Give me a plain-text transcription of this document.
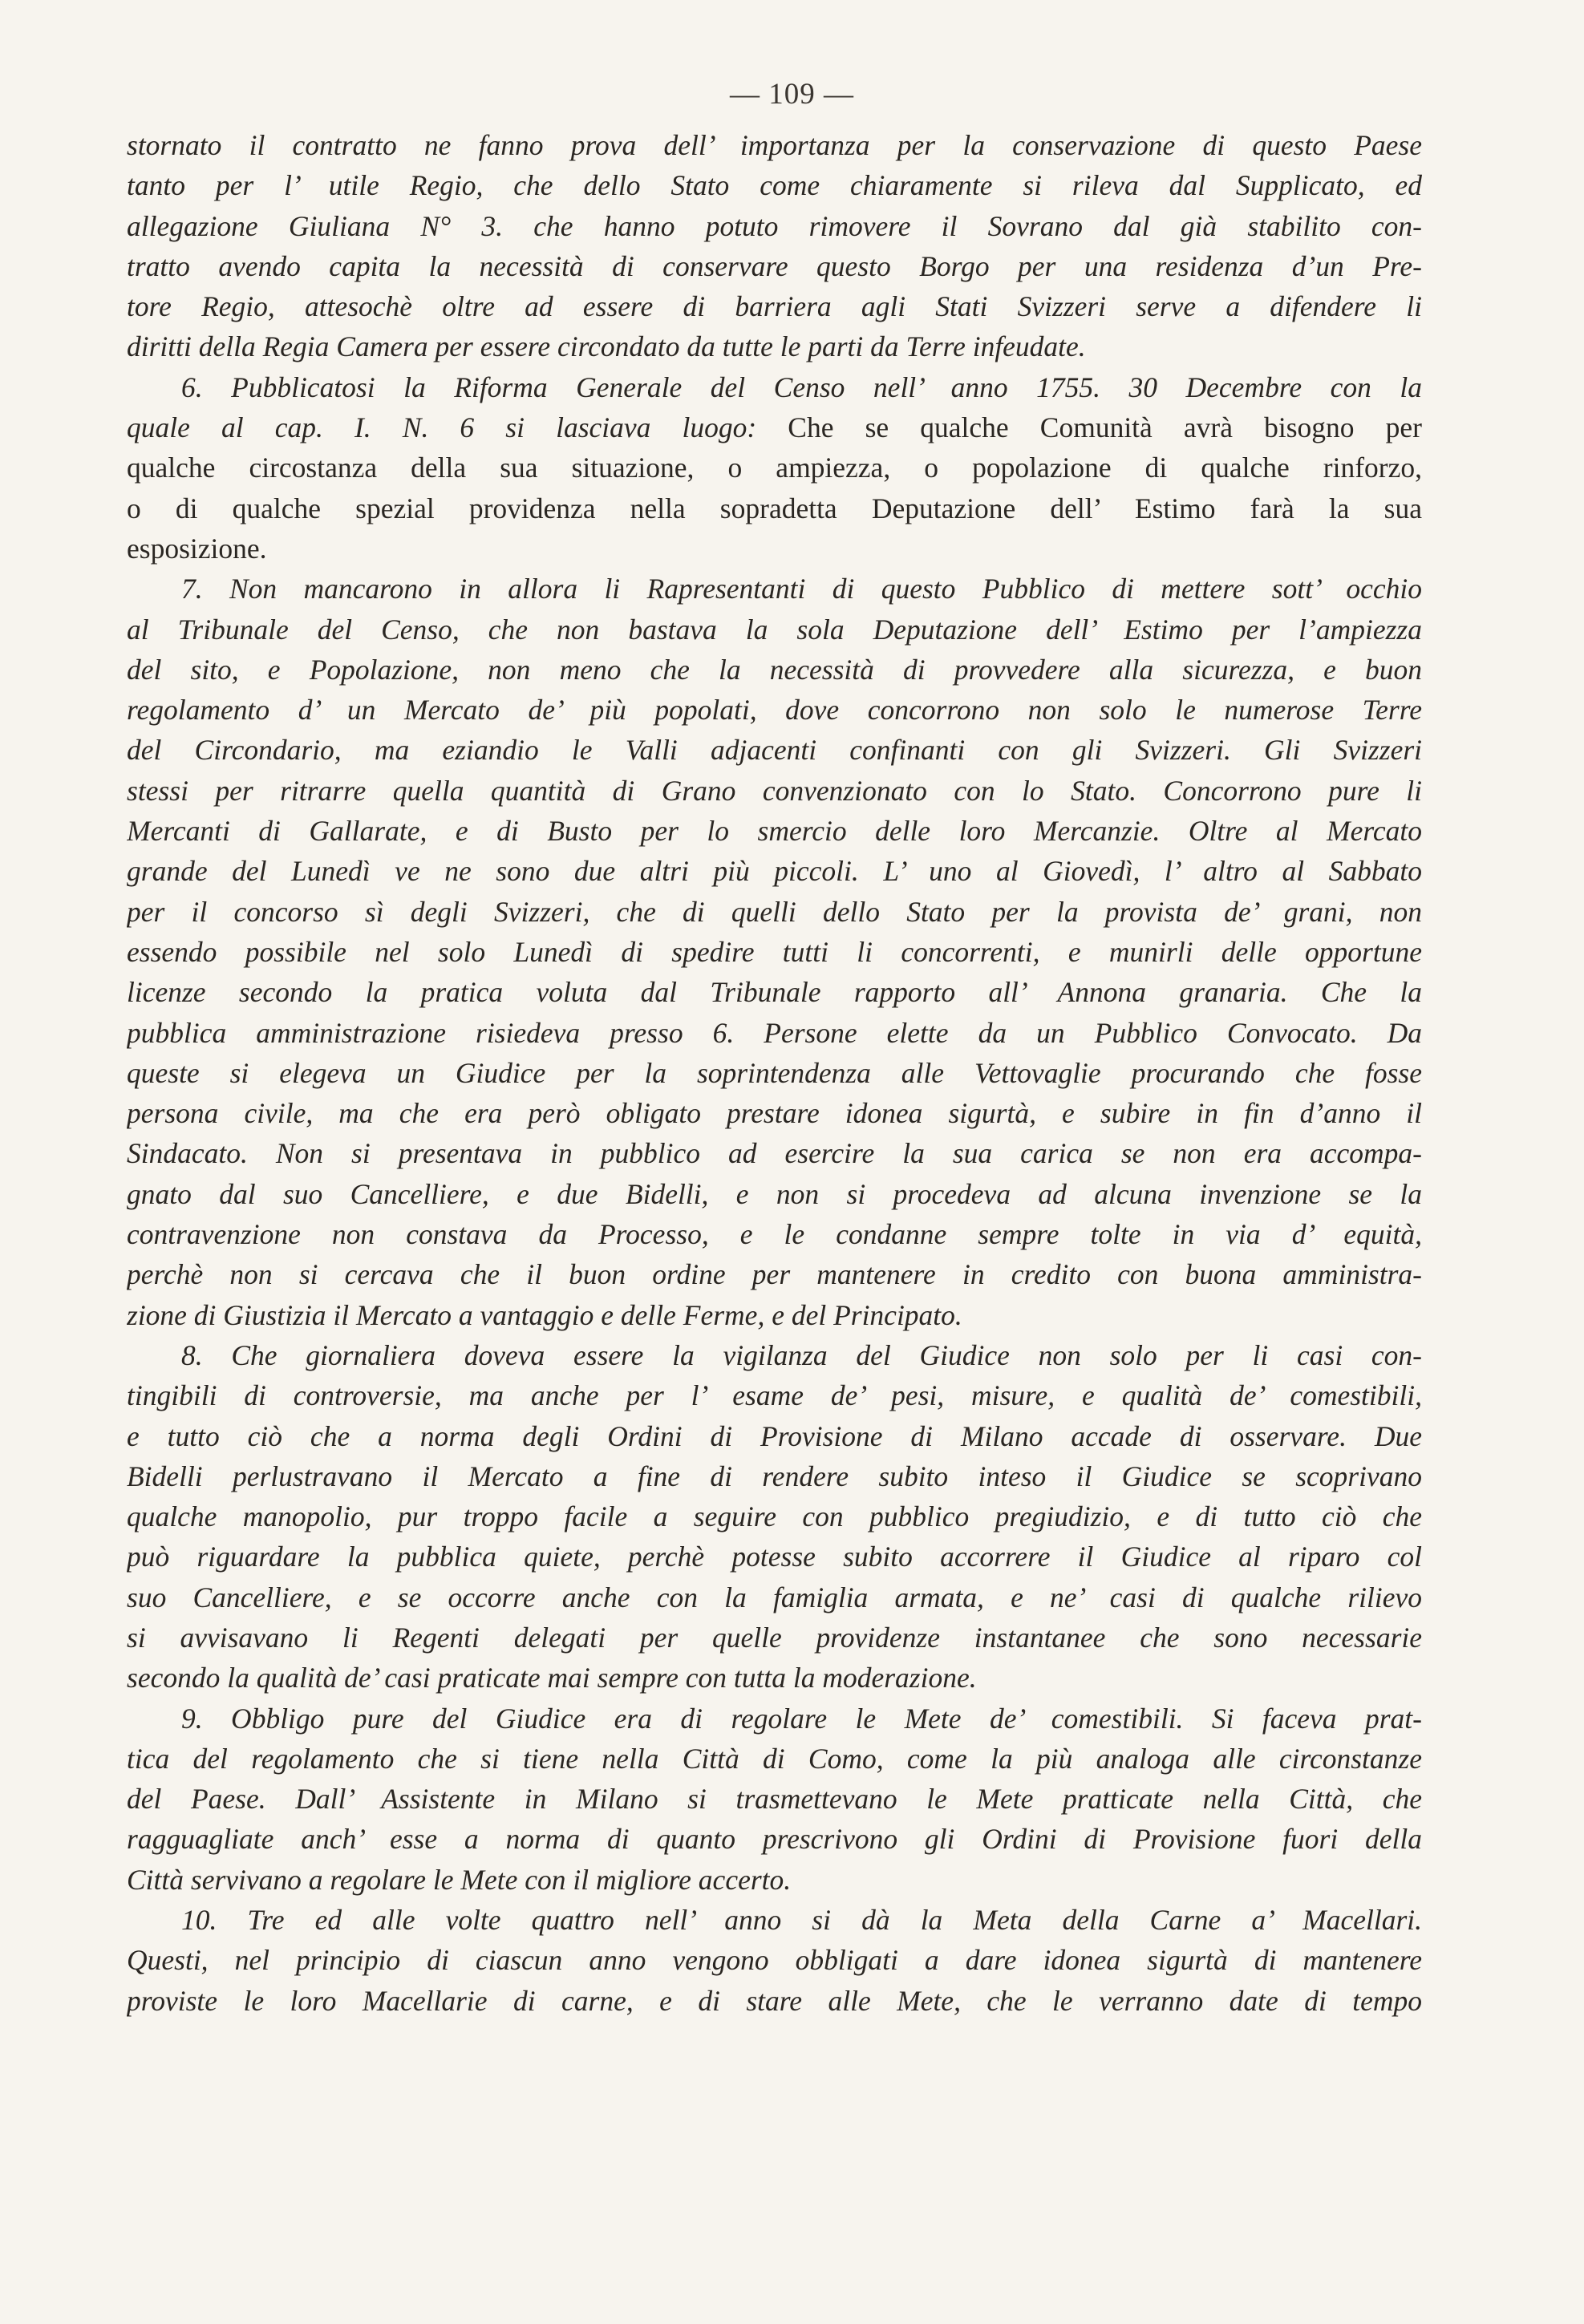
— 109 —
stornato il contratto ne fanno prova dell’ importanza per la conservazione di questo Paese
tanto per l’ utile Regio, che dello Stato come chiaramente si rileva dal Supplicato, ed
allegazione Giuliana N° 3. che hanno potuto rimovere il Sovrano dal già stabilito con-
tratto avendo capita la necessità di conservare questo Borgo per una residenza d’un Pre-
tore Regio, attesochè oltre ad essere di barriera agli Stati Svizzeri serve a difendere li
diritti della Regia Camera per essere circondato da tutte le parti da Terre infeudate.
6. Pubblicatosi la Riforma Generale del Censo nell’ anno 1755. 30 Decembre con la
quale al cap. I. N. 6 si lasciava luogo: Che se qualche Comunità avrà bisogno per
qualche circostanza della sua situazione, o ampiezza, o popolazione di qualche rinforzo,
o di qualche spezial providenza nella sopradetta Deputazione dell’ Estimo farà la sua
esposizione.
7. Non mancarono in allora li Rapresentanti di questo Pubblico di mettere sott’ occhio
al Tribunale del Censo, che non bastava la sola Deputazione dell’ Estimo per l’ampiezza
del sito, e Popolazione, non meno che la necessità di provvedere alla sicurezza, e buon
regolamento d’ un Mercato de’ più popolati, dove concorrono non solo le numerose Terre
del Circondario, ma eziandio le Valli adjacenti confinanti con gli Svizzeri. Gli Svizzeri
stessi per ritrarre quella quantità di Grano convenzionato con lo Stato. Concorrono pure li
Mercanti di Gallarate, e di Busto per lo smercio delle loro Mercanzie. Oltre al Mercato
grande del Lunedì ve ne sono due altri più piccoli. L’ uno al Giovedì, l’ altro al Sabbato
per il concorso sì degli Svizzeri, che di quelli dello Stato per la provista de’ grani, non
essendo possibile nel solo Lunedì di spedire tutti li concorrenti, e munirli delle opportune
licenze secondo la pratica voluta dal Tribunale rapporto all’ Annona granaria. Che la
pubblica amministrazione risiedeva presso 6. Persone elette da un Pubblico Convocato. Da
queste si elegeva un Giudice per la soprintendenza alle Vettovaglie procurando che fosse
persona civile, ma che era però obligato prestare idonea sigurtà, e subire in fin d’anno il
Sindacato. Non si presentava in pubblico ad esercire la sua carica se non era accompa-
gnato dal suo Cancelliere, e due Bidelli, e non si procedeva ad alcuna invenzione se la
contravenzione non constava da Processo, e le condanne sempre tolte in via d’ equità,
perchè non si cercava che il buon ordine per mantenere in credito con buona amministra-
zione di Giustizia il Mercato a vantaggio e delle Ferme, e del Principato.
8. Che giornaliera doveva essere la vigilanza del Giudice non solo per li casi con-
tingibili di controversie, ma anche per l’ esame de’ pesi, misure, e qualità de’ comestibili,
e tutto ciò che a norma degli Ordini di Provisione di Milano accade di osservare. Due
Bidelli perlustravano il Mercato a fine di rendere subito inteso il Giudice se scoprivano
qualche manopolio, pur troppo facile a seguire con pubblico pregiudizio, e di tutto ciò che
può riguardare la pubblica quiete, perchè potesse subito accorrere il Giudice al riparo col
suo Cancelliere, e se occorre anche con la famiglia armata, e ne’ casi di qualche rilievo
si avvisavano li Regenti delegati per quelle providenze instantanee che sono necessarie
secondo la qualità de’ casi praticate mai sempre con tutta la moderazione.
9. Obbligo pure del Giudice era di regolare le Mete de’ comestibili. Si faceva prat-
tica del regolamento che si tiene nella Città di Como, come la più analoga alle circonstanze
del Paese. Dall’ Assistente in Milano si trasmettevano le Mete pratticate nella Città, che
ragguagliate anch’ esse a norma di quanto prescrivono gli Ordini di Provisione fuori della
Città servivano a regolare le Mete con il migliore accerto.
10. Tre ed alle volte quattro nell’ anno si dà la Meta della Carne a’ Macellari.
Questi, nel principio di ciascun anno vengono obbligati a dare idonea sigurtà di mantenere
proviste le loro Macellarie di carne, e di stare alle Mete, che le verranno date di tempo
